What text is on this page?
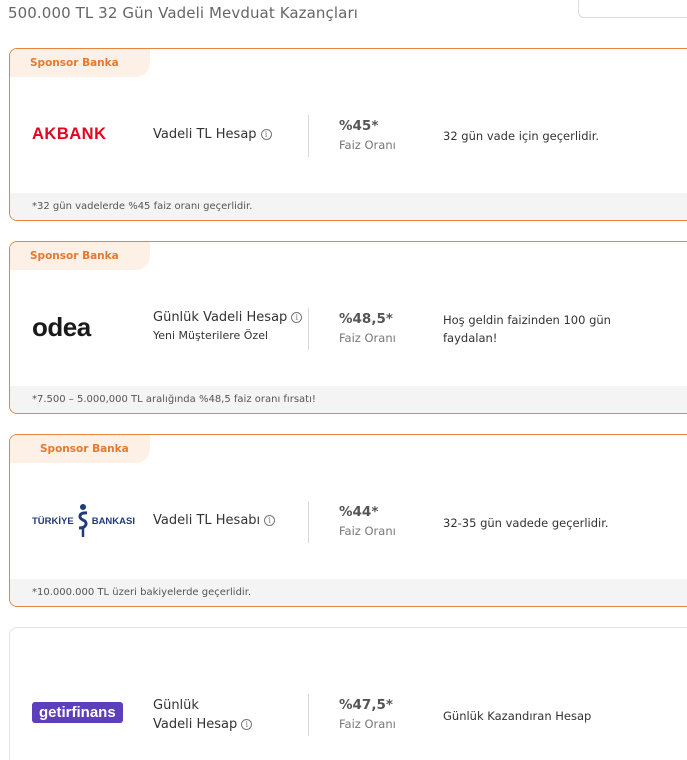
500.000 TL 32 Gün Vadeli Mevduat Kazançları
Sponsor Banka
AKBANK	Vadeli TL Hesap i
%45*
Faiz Oranı
32 gün vade için geçerlidir.
*32 gün vadelerde %45 faiz oranı geçerlidir.
Sponsor Banka
odea	Günlük Vadeli Hesap i
Yeni Müşterilere Özel
%48,5*
Faiz Oranı
Hoş geldin faizinden 100 gün faydalan!
*7.500 – 5.000,000 TL aralığında %48,5 faiz oranı fırsatı!
Sponsor Banka
TÜRKİYE BANKASI Vadeli TL Hesabı i
%44*
Faiz Oranı
32-35 gün vadede geçerlidir.
*10.000.000 TL üzeri bakiyelerde geçerlidir.
getirfinans	Günlük
Vadeli Hesap i
%47,5*
Faiz Oranı
Günlük Kazandıran Hesap
